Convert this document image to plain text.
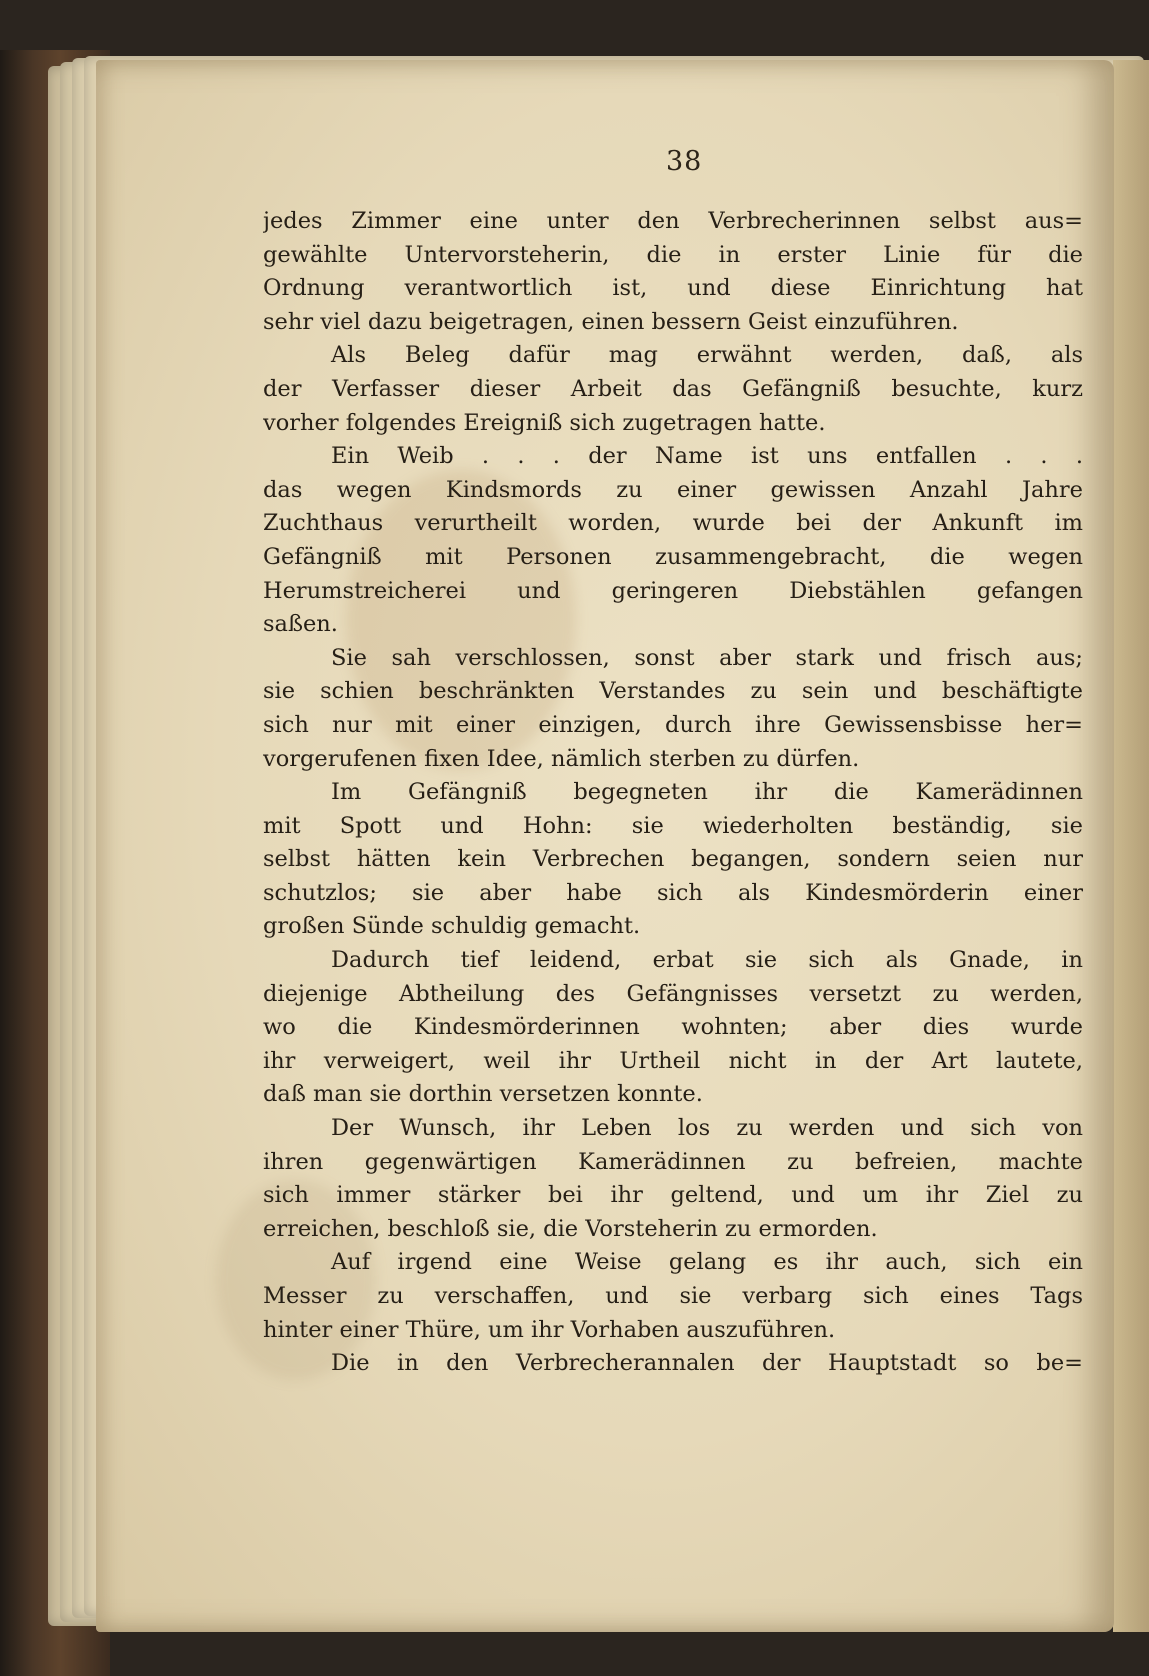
38
jedes Zimmer eine unter den Verbrecherinnen selbst aus=
gewählte Untervorsteherin, die in erster Linie für die
Ordnung verantwortlich ist, und diese Einrichtung hat
sehr viel dazu beigetragen, einen bessern Geist einzuführen.
Als Beleg dafür mag erwähnt werden, daß, als
der Verfasser dieser Arbeit das Gefängniß besuchte, kurz
vorher folgendes Ereigniß sich zugetragen hatte.
Ein Weib . . . der Name ist uns entfallen . . .
das wegen Kindsmords zu einer gewissen Anzahl Jahre
Zuchthaus verurtheilt worden, wurde bei der Ankunft im
Gefängniß mit Personen zusammengebracht, die wegen
Herumstreicherei und geringeren Diebstählen gefangen
saßen.
Sie sah verschlossen, sonst aber stark und frisch aus;
sie schien beschränkten Verstandes zu sein und beschäftigte
sich nur mit einer einzigen, durch ihre Gewissensbisse her=
vorgerufenen fixen Idee, nämlich sterben zu dürfen.
Im Gefängniß begegneten ihr die Kamerädinnen
mit Spott und Hohn: sie wiederholten beständig, sie
selbst hätten kein Verbrechen begangen, sondern seien nur
schutzlos; sie aber habe sich als Kindesmörderin einer
großen Sünde schuldig gemacht.
Dadurch tief leidend, erbat sie sich als Gnade, in
diejenige Abtheilung des Gefängnisses versetzt zu werden,
wo die Kindesmörderinnen wohnten; aber dies wurde
ihr verweigert, weil ihr Urtheil nicht in der Art lautete,
daß man sie dorthin versetzen konnte.
Der Wunsch, ihr Leben los zu werden und sich von
ihren gegenwärtigen Kamerädinnen zu befreien, machte
sich immer stärker bei ihr geltend, und um ihr Ziel zu
erreichen, beschloß sie, die Vorsteherin zu ermorden.
Auf irgend eine Weise gelang es ihr auch, sich ein
Messer zu verschaffen, und sie verbarg sich eines Tags
hinter einer Thüre, um ihr Vorhaben auszuführen.
Die in den Verbrecherannalen der Hauptstadt so be=
